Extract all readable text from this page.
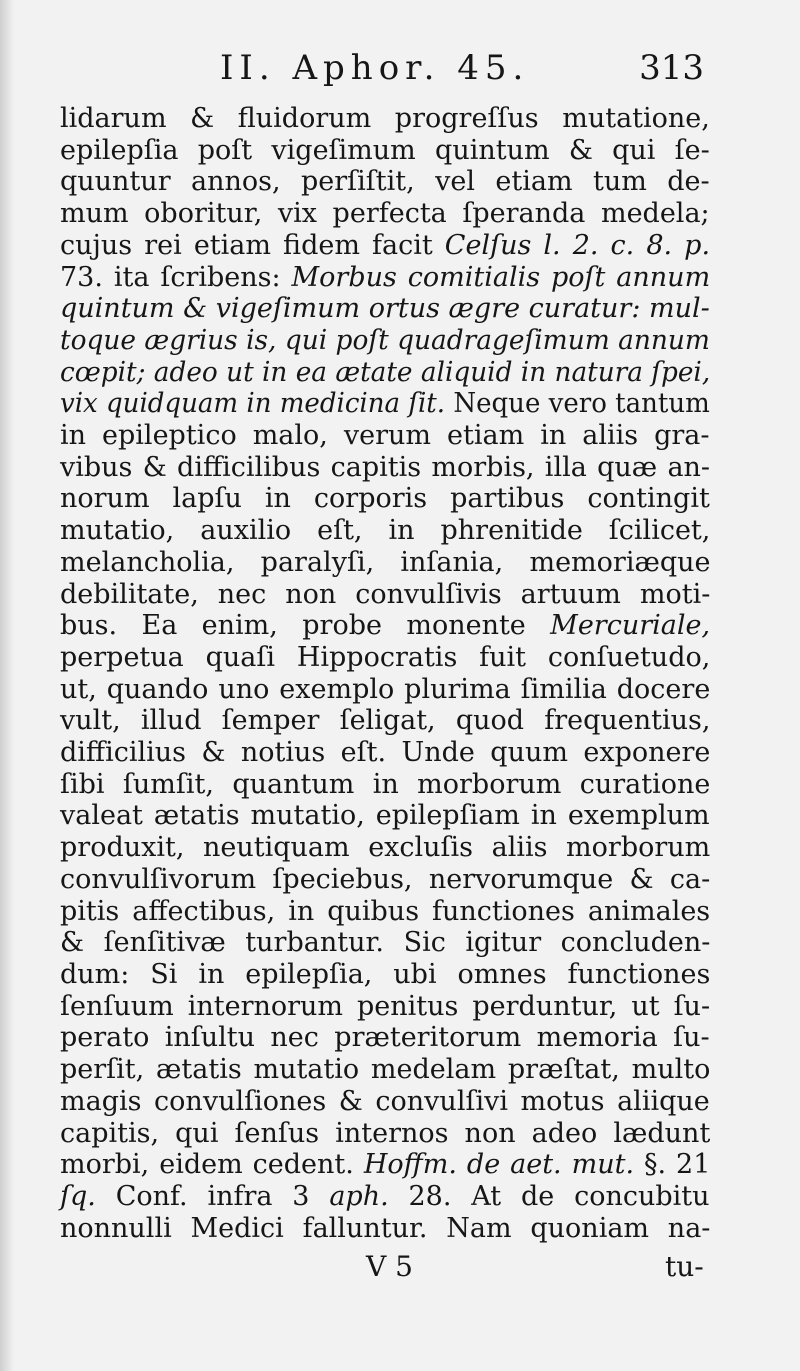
II. Aphor. 45.	313
lidarum & fluidorum progreſſus mutatione,
epilepſia poſt vigeſimum quintum & qui ſe-
quuntur annos, perſiſtit, vel etiam tum de-
mum oboritur, vix perfecta ſperanda medela;
cujus rei etiam fidem facit Celſus l. 2. c. 8. p.
73. ita ſcribens: Morbus comitialis poſt annum
quintum & vigeſimum ortus ægre curatur: mul-
toque ægrius is, qui poſt quadrageſimum annum
cœpit; adeo ut in ea ætate aliquid in natura ſpei,
vix quidquam in medicina ſit. Neque vero tantum
in epileptico malo, verum etiam in aliis gra-
vibus & difficilibus capitis morbis, illa quæ an-
norum lapſu in corporis partibus contingit
mutatio, auxilio eſt, in phrenitide ſcilicet,
melancholia, paralyſi, inſania, memoriæque
debilitate, nec non convulſivis artuum moti-
bus. Ea enim, probe monente Mercuriale,
perpetua quaſi Hippocratis fuit conſuetudo,
ut, quando uno exemplo plurima ſimilia docere
vult, illud ſemper ſeligat, quod frequentius,
difficilius & notius eſt. Unde quum exponere
ſibi ſumſit, quantum in morborum curatione
valeat ætatis mutatio, epilepſiam in exemplum
produxit, neutiquam excluſis aliis morborum
convulſivorum ſpeciebus, nervorumque & ca-
pitis affectibus, in quibus functiones animales
& ſenſitivæ turbantur. Sic igitur concluden-
dum: Si in epilepſia, ubi omnes functiones
ſenſuum internorum penitus perduntur, ut ſu-
perato inſultu nec præteritorum memoria ſu-
perſit, ætatis mutatio medelam præſtat, multo
magis convulſiones & convulſivi motus aliique
capitis, qui ſenſus internos non adeo lædunt
morbi, eidem cedent. Hoffm. de aet. mut. §. 21
ſq. Conf. infra 3 aph. 28. At de concubitu
nonnulli Medici falluntur. Nam quoniam na-
V 5	tu-
